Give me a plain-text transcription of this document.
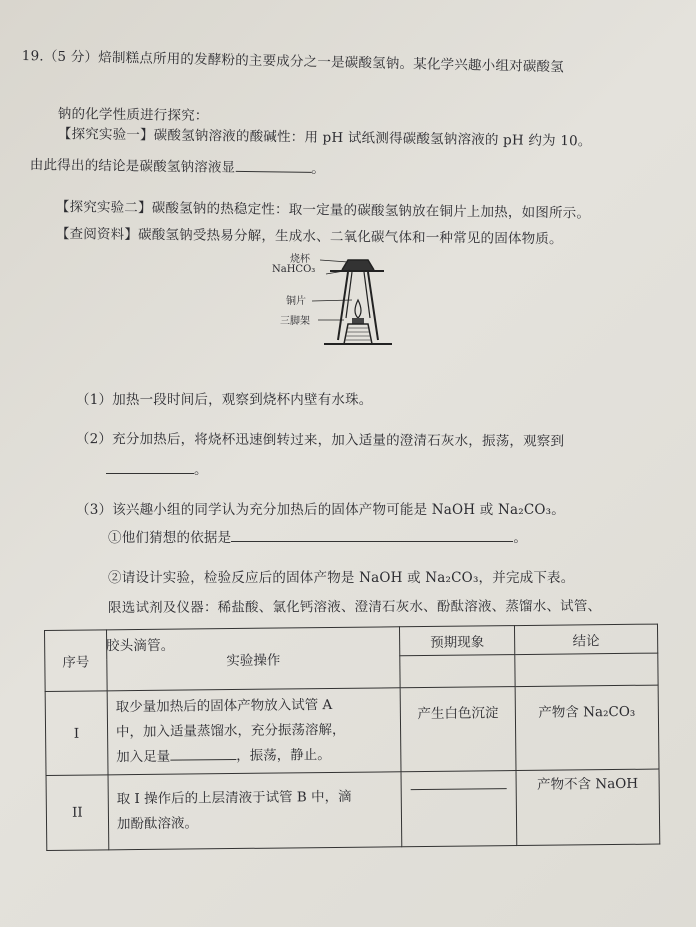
19.（5 分）焙制糕点所用的发酵粉的主要成分之一是碳酸氢钠。某化学兴趣小组对碳酸氢
钠的化学性质进行探究：
【探究实验一】碳酸氢钠溶液的酸碱性：用 pH 试纸测得碳酸氢钠溶液的 pH 约为 10。
由此得出的结论是碳酸氢钠溶液显	。
【探究实验二】碳酸氢钠的热稳定性：取一定量的碳酸氢钠放在铜片上加热，如图所示。
【查阅资料】碳酸氢钠受热易分解，生成水、二氧化碳气体和一种常见的固体物质。
烧杯
NaHCO₃
铜片
三脚架
（1）加热一段时间后，观察到烧杯内壁有水珠。
（2）充分加热后，将烧杯迅速倒转过来，加入适量的澄清石灰水，振荡，观察到
。
（3）该兴趣小组的同学认为充分加热后的固体产物可能是 NaOH 或 Na₂CO₃。
①他们猜想的依据是	。
②请设计实验，检验反应后的固体产物是 NaOH 或 Na₂CO₃，并完成下表。
限选试剂及仪器：稀盐酸、氯化钙溶液、澄清石灰水、酚酞溶液、蒸馏水、试管、
胶头滴管。
序号	实验操作	预期现象	结论

I	取少量加热后的固体产物放入试管 A
中，加入适量蒸馏水，充分振荡溶解，
加入足量 ，振荡，静止。	产生白色沉淀	产物含 Na₂CO₃
II	取 I 操作后的上层清液于试管 B 中，滴
加酚酞溶液。		产物不含 NaOH
